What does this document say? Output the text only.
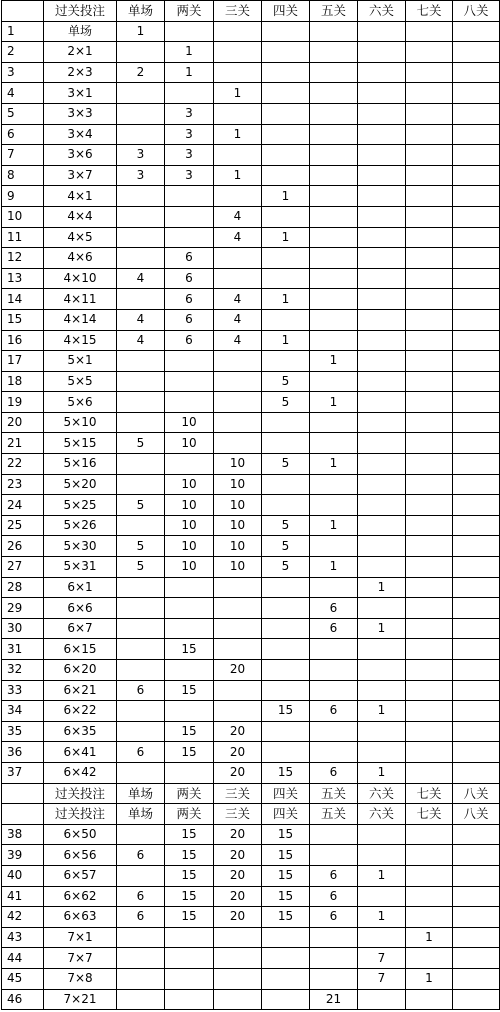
	过关投注	单场	两关	三关	四关	五关	六关	七关	八关
1	单场	1							
2	2×1		1						
3	2×3	2	1						
4	3×1			1					
5	3×3		3						
6	3×4		3	1					
7	3×6	3	3						
8	3×7	3	3	1					
9	4×1				1				
10	4×4			4					
11	4×5			4	1				
12	4×6		6						
13	4×10	4	6						
14	4×11		6	4	1				
15	4×14	4	6	4					
16	4×15	4	6	4	1				
17	5×1					1			
18	5×5				5				
19	5×6				5	1			
20	5×10		10						
21	5×15	5	10						
22	5×16			10	5	1			
23	5×20		10	10					
24	5×25	5	10	10					
25	5×26		10	10	5	1			
26	5×30	5	10	10	5				
27	5×31	5	10	10	5	1			
28	6×1						1		
29	6×6					6			
30	6×7					6	1		
31	6×15		15						
32	6×20			20					
33	6×21	6	15						
34	6×22				15	6	1		
35	6×35		15	20					
36	6×41	6	15	20					
37	6×42			20	15	6	1		
	过关投注	单场	两关	三关	四关	五关	六关	七关	八关
	过关投注	单场	两关	三关	四关	五关	六关	七关	八关
38	6×50		15	20	15				
39	6×56	6	15	20	15				
40	6×57		15	20	15	6	1		
41	6×62	6	15	20	15	6			
42	6×63	6	15	20	15	6	1		
43	7×1							1	
44	7×7						7		
45	7×8						7	1	
46	7×21					21			
